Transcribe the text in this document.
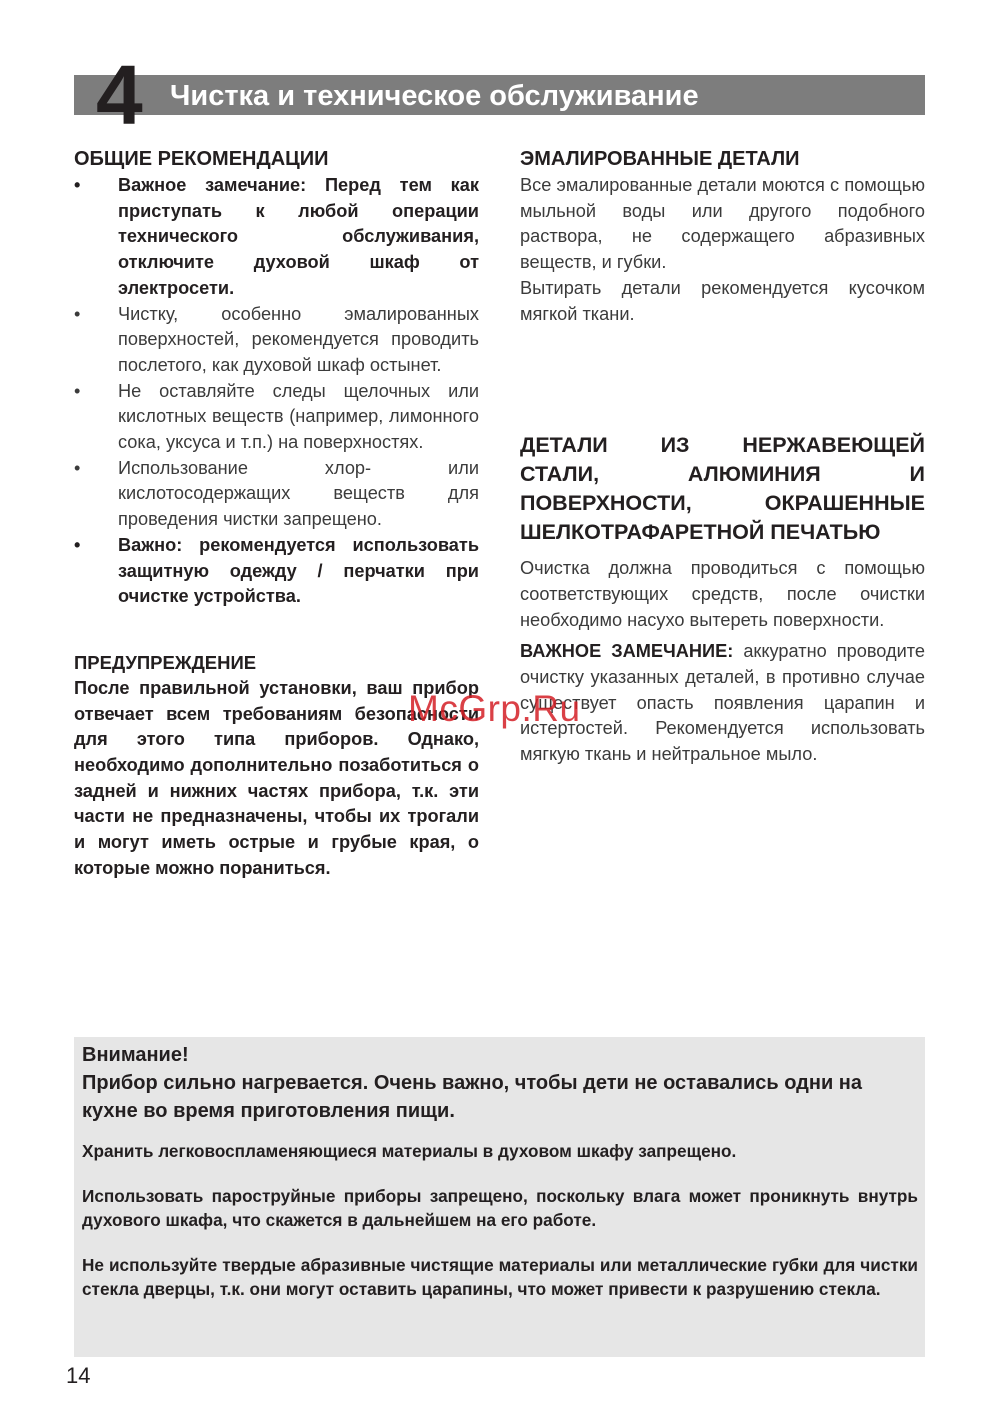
4 Чистка и техническое обслуживание
ОБЩИЕ РЕКОМЕНДАЦИИ
• Важное замечание: Перед тем как приступать к любой операции технического обслуживания, отключите духовой шкаф от электросети.
• Чистку, особенно эмалированных поверхностей, рекомендуется проводить послетого, как духовой шкаф остынет.
• Не оставляйте следы щелочных или кислотных веществ (например, лимонного сока, уксуса и т.п.) на поверхностях.
• Использование хлор- или кислотосодержащих веществ для проведения чистки запрещено.
• Важно: рекомендуется использовать защитную одежду / перчатки при очистке устройства.
ПРЕДУПРЕЖДЕНИЕ

После правильной установки, ваш прибор отвечает всем требованиям безопасности для этого типа приборов. Однако, необходимо дополнительно позаботиться о задней и нижних частях прибора, т.к. эти части не предназначены, чтобы их трогали и могут иметь острые и грубые края, о которые можно пораниться.

ЭМАЛИРОВАННЫЕ ДЕТАЛИ

Все эмалированные детали моются с помощью мыльной воды или другого подобного раствора, не содержащего абразивных веществ, и губки.

Вытирать детали рекомендуется кусочком мягкой ткани.

ДЕТАЛИ ИЗ НЕРЖАВЕЮЩЕЙ

СТАЛИ, АЛЮМИНИЯ И

ПОВЕРХНОСТИ, ОКРАШЕННЫЕ

ШЕЛКОТРАФАРЕТНОЙ ПЕЧАТЬЮ

Очистка должна проводиться с помощью соответствующих средств, после очистки необходимо насухо вытереть поверхности.

ВАЖНОЕ ЗАМЕЧАНИЕ: аккуратно проводите очистку указанных деталей, в противно случае существует опасть появления царапин и истертостей. Рекомендуется использовать мягкую ткань и нейтральное мыло.

McGrp.Ru
Внимание!
Прибор сильно нагревается. Очень важно, чтобы дети не оставались одни на кухне во время приготовления пищи.

Хранить легковоспламеняющиеся материалы в духовом шкафу запрещено.

Использовать пароструйные приборы запрещено, поскольку влага может проникнуть внутрь духового шкафа, что скажется в дальнейшем на его работе.

Не используйте твердые абразивные чистящие материалы или металлические губки для чистки стекла дверцы, т.к. они могут оставить царапины, что может привести к разрушению стекла.

14
